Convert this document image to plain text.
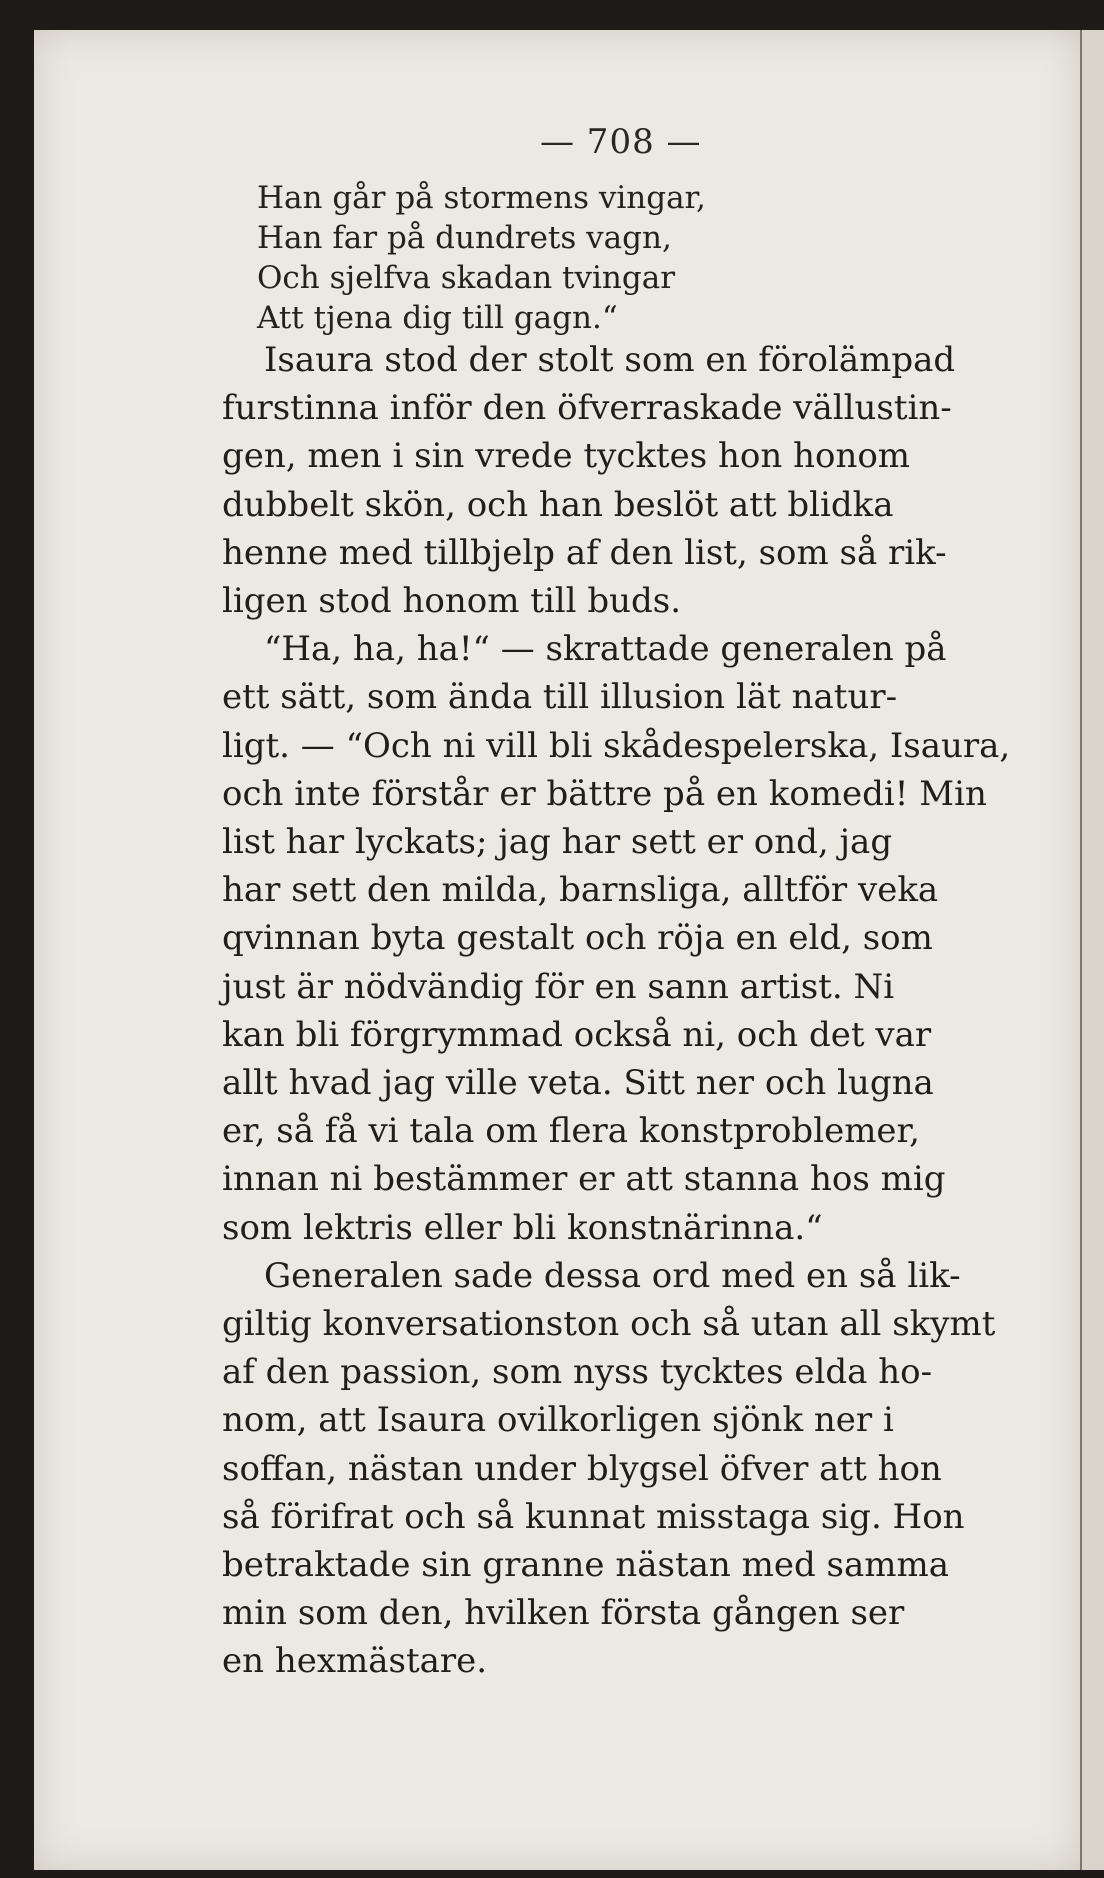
— 708 —
Han går på stormens vingar,
Han far på dundrets vagn,
Och sjelfva skadan tvingar
Att tjena dig till gagn.“
Isaura stod der stolt som en förolämpad
furstinna inför den öfverraskade vällustin-
gen, men i sin vrede tycktes hon honom
dubbelt skön, och han beslöt att blidka
henne med tillbjelp af den list, som så rik-
ligen stod honom till buds.
“Ha, ha, ha!“ — skrattade generalen på
ett sätt, som ända till illusion lät natur-
ligt. — “Och ni vill bli skådespelerska, Isaura,
och inte förstår er bättre på en komedi! Min
list har lyckats; jag har sett er ond, jag
har sett den milda, barnsliga, alltför veka
qvinnan byta gestalt och röja en eld, som
just är nödvändig för en sann artist. Ni
kan bli förgrymmad också ni, och det var
allt hvad jag ville veta. Sitt ner och lugna
er, så få vi tala om flera konstproblemer,
innan ni bestämmer er att stanna hos mig
som lektris eller bli konstnärinna.“
Generalen sade dessa ord med en så lik-
giltig konversationston och så utan all skymt
af den passion, som nyss tycktes elda ho-
nom, att Isaura ovilkorligen sjönk ner i
soffan, nästan under blygsel öfver att hon
så förifrat och så kunnat misstaga sig. Hon
betraktade sin granne nästan med samma
min som den, hvilken första gången ser
en hexmästare.
